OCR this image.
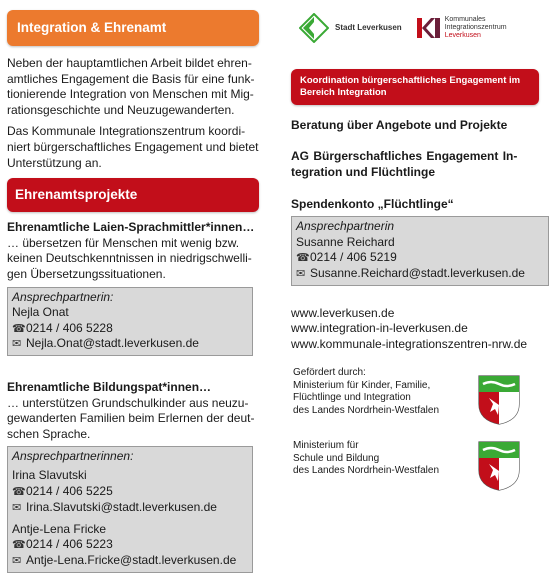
Integration & Ehrenamt
Neben der hauptamtlichen Arbeit bildet ehren-
amtliches Engagement die Basis für eine funk-
tionierende Integration von Menschen mit Mig-
rationsgeschichte und Neuzugewanderten.
Das Kommunale Integrationszentrum koordi-
niert bürgerschaftliches Engagement und bietet
Unterstützung an.
Ehrenamtsprojekte
Ehrenamtliche Laien-Sprachmittler*innen…
… übersetzen für Menschen mit wenig bzw.
keinen Deutschkenntnissen in niedrigschwelli-
gen Übersetzungssituationen.
Ansprechpartnerin:
Nejla Onat
☎0214 / 406 5228
✉ Nejla.Onat@stadt.leverkusen.de
Ehrenamtliche Bildungspat*innen…
… unterstützen Grundschulkinder aus neuzu-
gewanderten Familien beim Erlernen der deut-
schen Sprache.
Ansprechpartnerinnen:
Irina Slavutski
☎0214 / 406 5225
✉ Irina.Slavutski@stadt.leverkusen.de
Antje-Lena Fricke
☎0214 / 406 5223
✉ Antje-Lena.Fricke@stadt.leverkusen.de
Stadt Leverkusen
Kommunales
Integrationszentrum
Leverkusen
Koordination bürgerschaftliches Engagement im
Bereich Integration
Beratung über Angebote und Projekte
AG Bürgerschaftliches Engagement In-
tegration und Flüchtlinge
Spendenkonto „Flüchtlinge“
Ansprechpartnerin
Susanne Reichard
☎0214 / 406 5219
✉ Susanne.Reichard@stadt.leverkusen.de
www.leverkusen.de
www.integration-in-leverkusen.de
www.kommunale-integrationszentren-nrw.de
Gefördert durch:
Ministerium für Kinder, Familie,
Flüchtlinge und Integration
des Landes Nordrhein-Westfalen
Ministerium für
Schule und Bildung
des Landes Nordrhein-Westfalen
